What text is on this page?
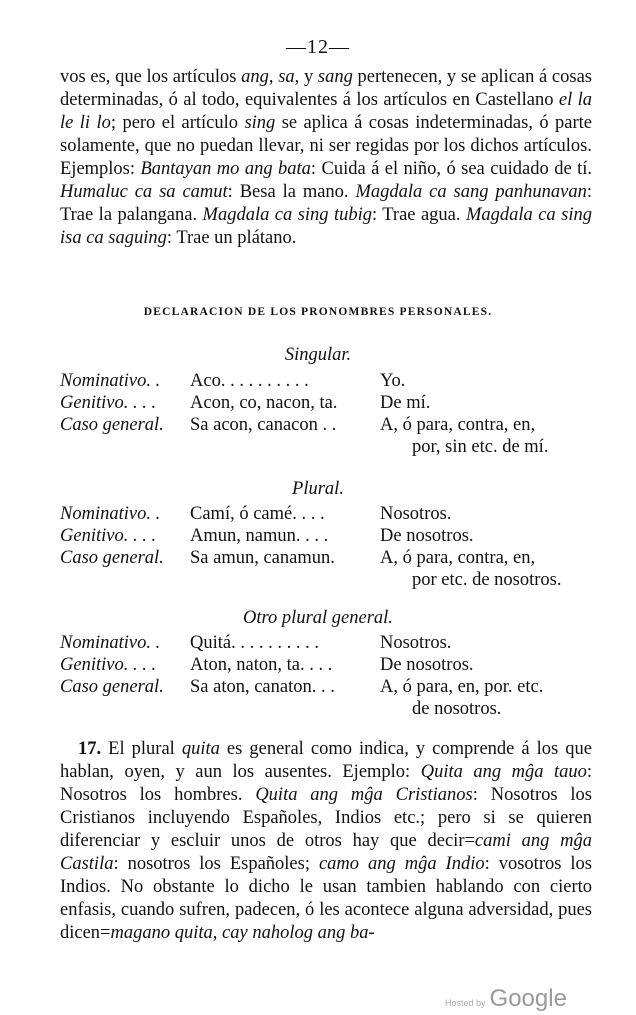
—12—

vos es, que los artículos ang, sa, y sang pertenecen, y se aplican á cosas determinadas, ó al todo, equivalentes á los artículos en Castellano el la le li lo; pero el artículo sing se aplica á cosas indeterminadas, ó parte solamente, que no puedan llevar, ni ser regidas por los dichos artículos. Ejemplos: Bantayan mo ang bata: Cuida á el niño, ó sea cuidado de tí. Humaluc ca sa camut: Besa la mano. Magdala ca sang panhunavan: Trae la palangana. Magdala ca sing tubig: Trae agua. Magdala ca sing isa ca saguing: Trae un plátano.

DECLARACION DE LOS PRONOMBRES PERSONALES.
Singular.
Nominativo. . Aco. . . . . . . . . .	Yo.
Genitivo. . . . Acon, co, nacon, ta. De mí.
Caso general. Sa acon, canacon . . A, ó para, contra, en,
por, sin etc. de mí.
Plural.
Nominativo. . Camí, ó camé. . . .	Nosotros.
Genitivo. . . . Amun, namun. . . .	De nosotros.
Caso general. Sa amun, canamun. A, ó para, contra, en,
por etc. de nosotros.
Otro plural general.
Nominativo. . Quitá. . . . . . . . . .	Nosotros.
Genitivo. . . . Aton, naton, ta. . . .	De nosotros.
Caso general. Sa aton, canaton. . . A, ó para, en, por. etc.
de nosotros.

17. El plural quita es general como indica, y comprende á los que hablan, oyen, y aun los ausentes. Ejemplo: Quita ang mĝa tauo: Nosotros los hombres. Quita ang mĝa Cristianos: Nosotros los Cristianos incluyendo Españoles, Indios etc.; pero si se quieren diferenciar y escluir unos de otros hay que decir=cami ang mĝa Castila: nosotros los Españoles; camo ang mĝa Indio: vosotros los Indios. No obstante lo dicho le usan tambien hablando con cierto enfasis, cuando sufren, padecen, ó les acontece alguna adversidad, pues dicen=magano quita, cay naholog ang ba-

Hosted by Google
